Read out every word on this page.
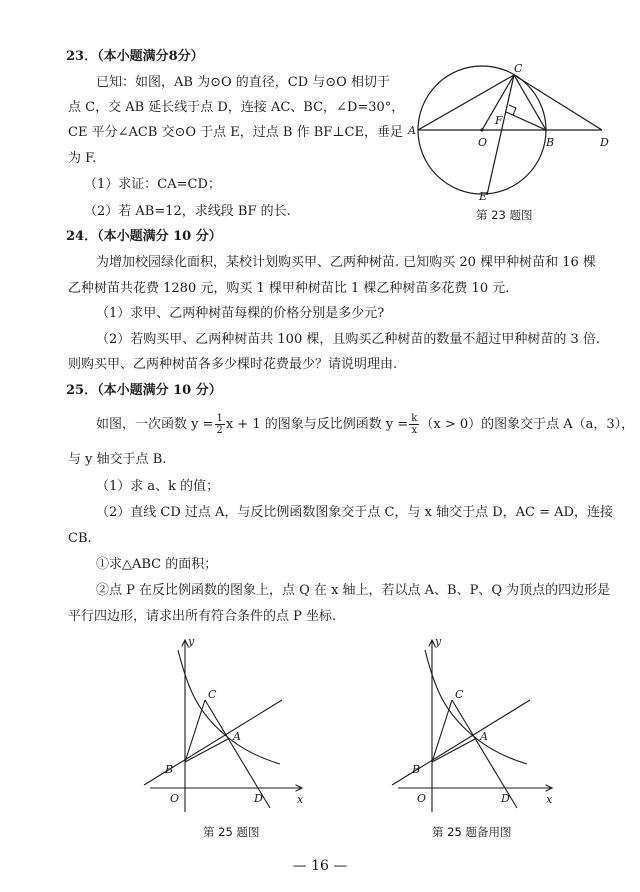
23．（本小题满分8分）
已知：如图，AB 为⊙O 的直径，CD 与⊙O 相切于
点 C，交 AB 延长线于点 D，连接 AC、BC，∠D=30°，
CE 平分∠ACB 交⊙O 于点 E，过点 B 作 BF⊥CE，垂足
为 F.
（1）求证：CA=CD；
（2）若 AB=12，求线段 BF 的长.
A
B
C
D
E
F
O
第 23 题图
24．（本小题满分 10 分）
为增加校园绿化面积，某校计划购买甲、乙两种树苗. 已知购买 20 棵甲种树苗和 16 棵
乙种树苗共花费 1280 元，购买 1 棵甲种树苗比 1 棵乙种树苗多花费 10 元.
（1）求甲、乙两种树苗每棵的价格分别是多少元?
（2）若购买甲、乙两种树苗共 100 棵，且购买乙种树苗的数量不超过甲种树苗的 3 倍.
则购买甲、乙两种树苗各多少棵时花费最少？请说明理由.
25．（本小题满分 10 分）
如图，一次函数 $y = \frac{1}{2}$ x + 1 的图象与反比例函数 $y = \frac{k}{x} (x > 0)$的图象交于点 A（a，3），
与 y 轴交于点 B.
（1）求 a、k 的值；
（2）直线 CD 过点 A，与反比例函数图象交于点 C，与 x 轴交于点 D，AC = AD，连接
CB.
①求△ABC 的面积；
②点 P 在反比例函数的图象上，点 Q 在 x 轴上，若以点 A、B、P、Q 为顶点的四边形是
平行四边形，请求出所有符合条件的点 P 坐标.
y
x
O	D
B
C
A
y
x
O	D
B
C
A
第 25 题图	第 25 题备用图
— 16 —
